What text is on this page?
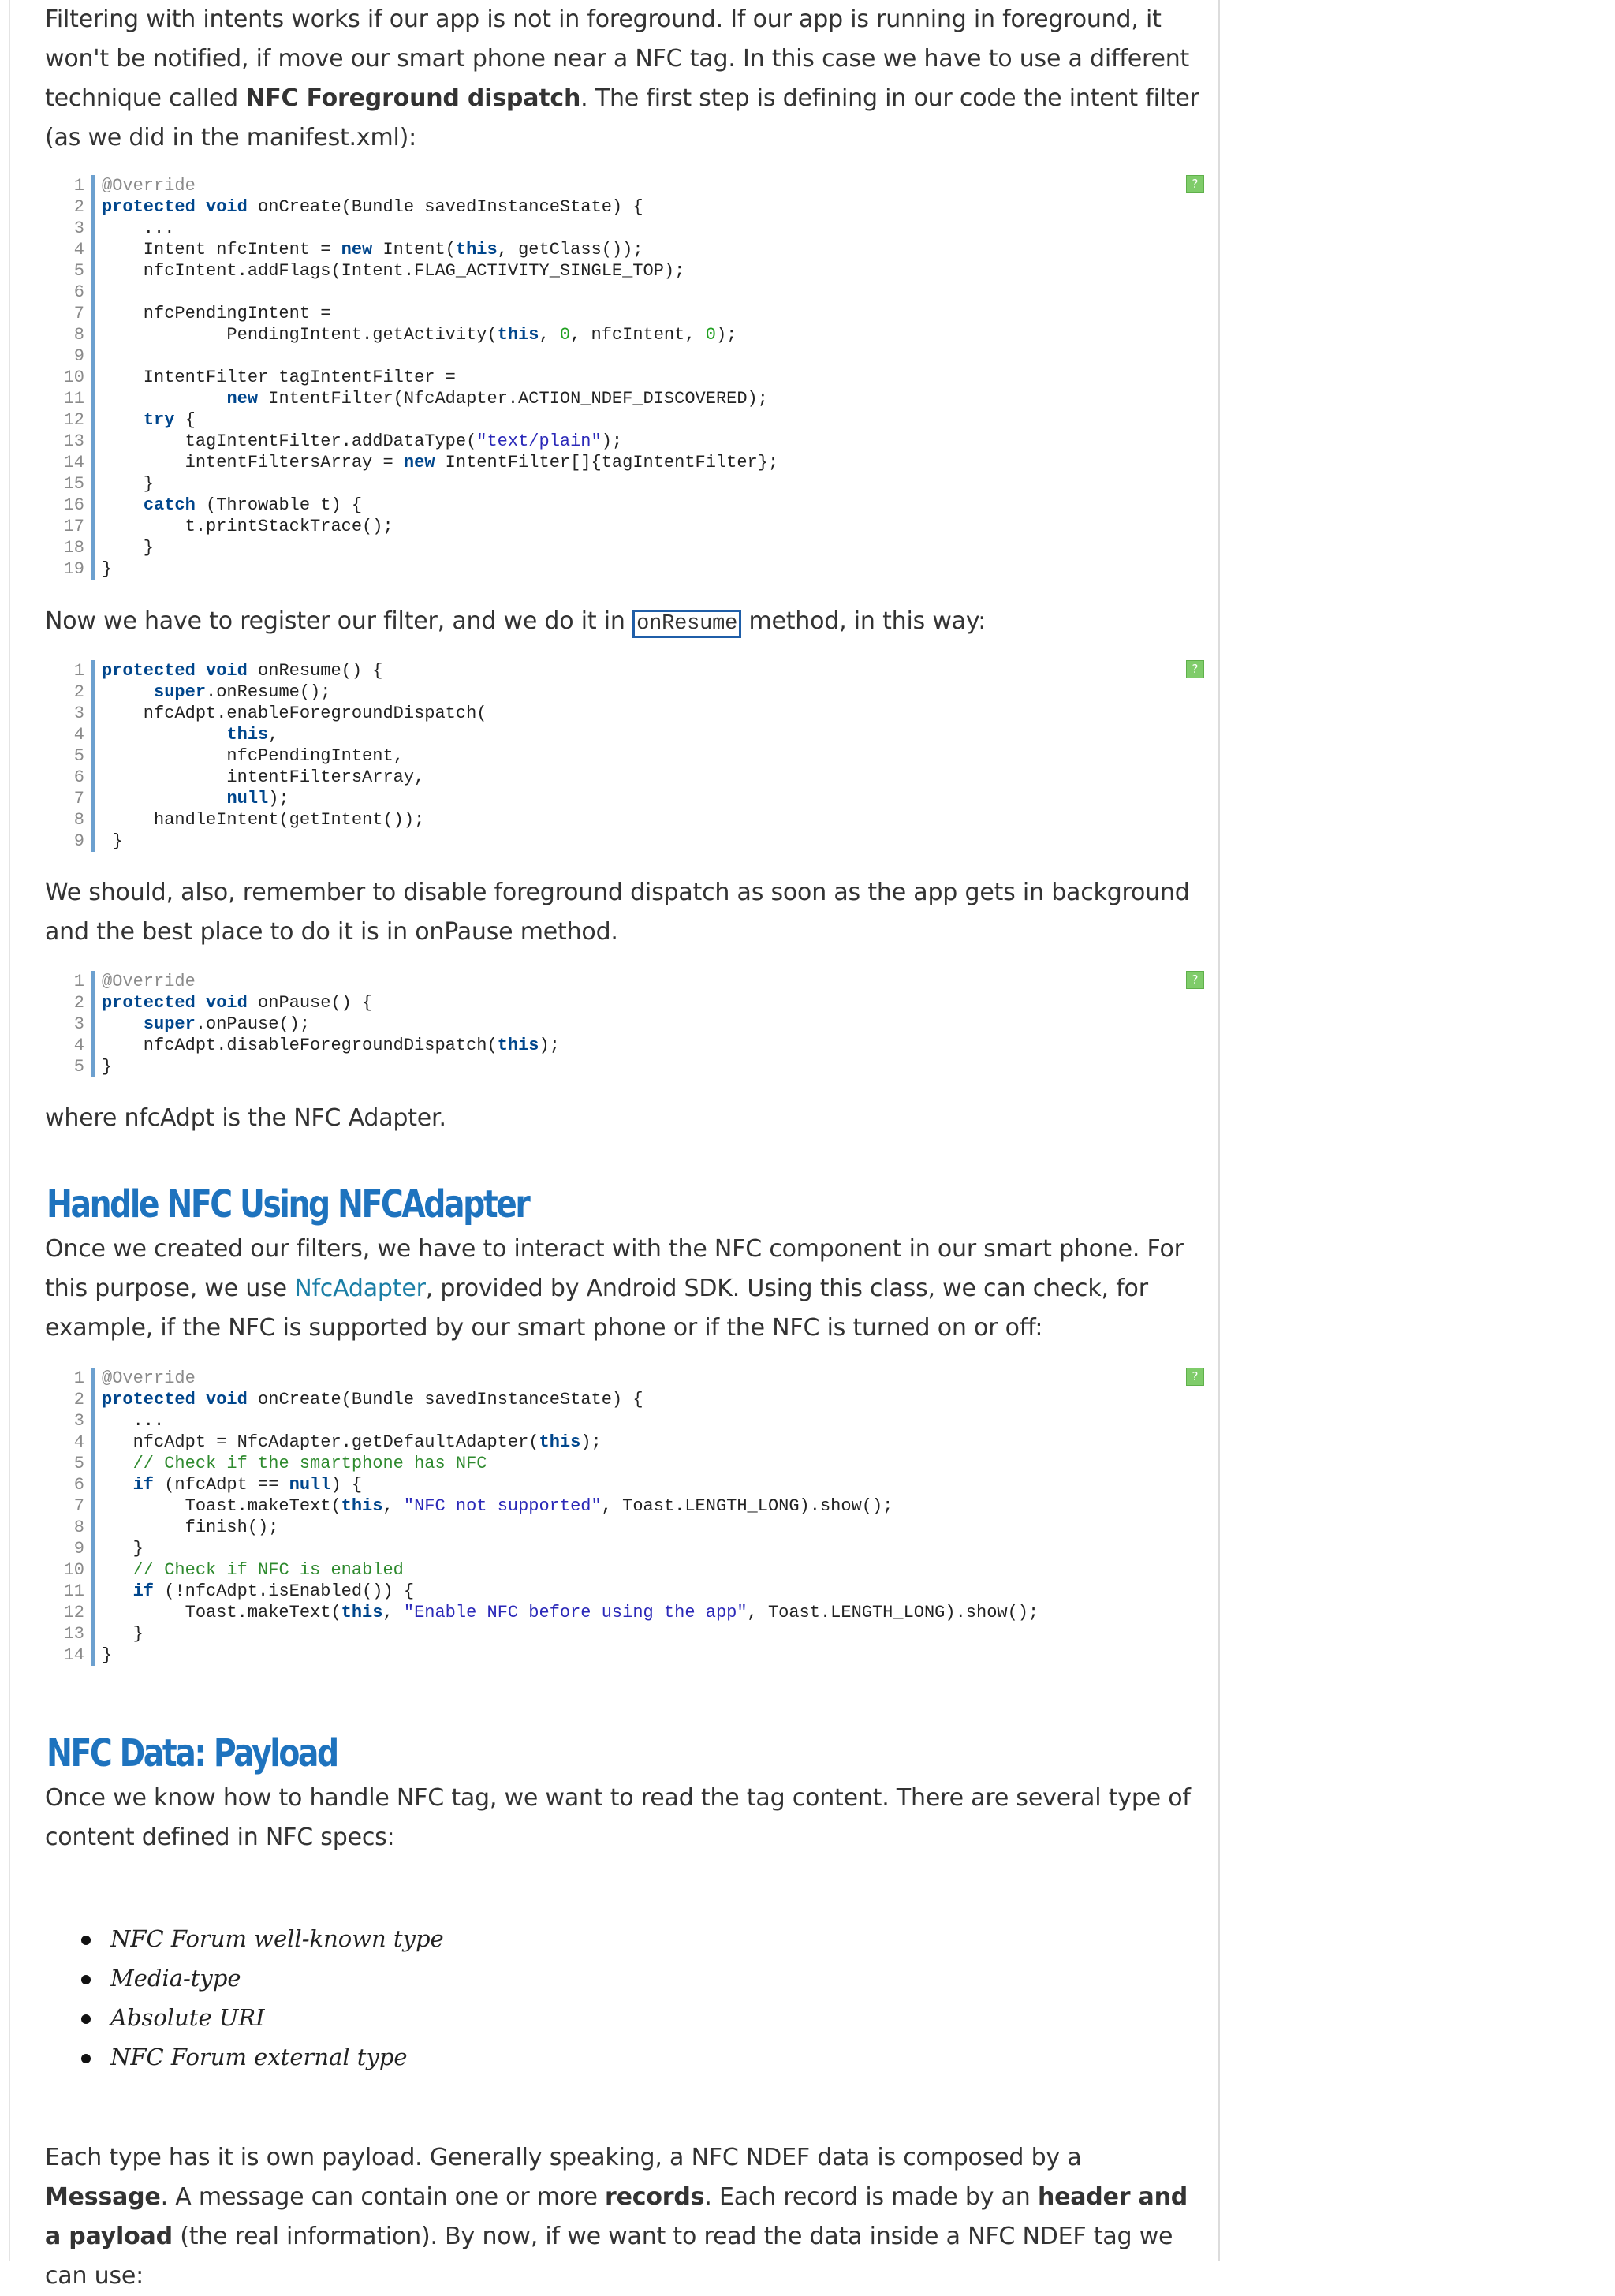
Filtering with intents works if our app is not in foreground. If our app is running in foreground, it won't be notified, if move our smart phone near a NFC tag. In this case we have to use a different technique called NFC Foreground dispatch. The first step is defining in our code the intent filter (as we did in the manifest.xml):

1
2
3
4
5
6
7
8
9
10
11
12
13
14
15
16
17
18
19
@Override
protected void onCreate(Bundle savedInstanceState) {
...
Intent nfcIntent = new Intent(this, getClass());
nfcIntent.addFlags(Intent.FLAG_ACTIVITY_SINGLE_TOP);
nfcPendingIntent =
PendingIntent.getActivity(this, 0, nfcIntent, 0);
IntentFilter tagIntentFilter =
new IntentFilter(NfcAdapter.ACTION_NDEF_DISCOVERED);
try {
tagIntentFilter.addDataType("text/plain");
intentFiltersArray = new IntentFilter[]{tagIntentFilter};
}
catch (Throwable t) {
t.printStackTrace();
}
}
?

Now we have to register our filter, and we do it in onResume method, in this way:

1
2
3
4
5
6
7
8
9
protected void onResume() {
super.onResume();
nfcAdpt.enableForegroundDispatch(
this,
nfcPendingIntent,
intentFiltersArray,
null);
handleIntent(getIntent());
}
?

We should, also, remember to disable foreground dispatch as soon as the app gets in background and the best place to do it is in onPause method.

1
2
3
4
5
@Override
protected void onPause() {
super.onPause();
nfcAdpt.disableForegroundDispatch(this);
}
?

where nfcAdpt is the NFC Adapter.

Handle NFC Using NFCAdapter

Once we created our filters, we have to interact with the NFC component in our smart phone. For this purpose, we use NfcAdapter, provided by Android SDK. Using this class, we can check, for example, if the NFC is supported by our smart phone or if the NFC is turned on or off:

1
2
3
4
5
6
7
8
9
10
11
12
13
14
@Override
protected void onCreate(Bundle savedInstanceState) {
...
nfcAdpt = NfcAdapter.getDefaultAdapter(this);
// Check if the smartphone has NFC
if (nfcAdpt == null) {
Toast.makeText(this, "NFC not supported", Toast.LENGTH_LONG).show();
finish();
}
// Check if NFC is enabled
if (!nfcAdpt.isEnabled()) {
Toast.makeText(this, "Enable NFC before using the app", Toast.LENGTH_LONG).show();
}
}
?
NFC Data: Payload

Once we know how to handle NFC tag, we want to read the tag content. There are several type of content defined in NFC specs:

NFC Forum well-known type
Media-type
Absolute URI
NFC Forum external type

Each type has it is own payload. Generally speaking, a NFC NDEF data is composed by a Message. A message can contain one or more records. Each record is made by an header and a payload (the real information). By now, if we want to read the data inside a NFC NDEF tag we can use:
